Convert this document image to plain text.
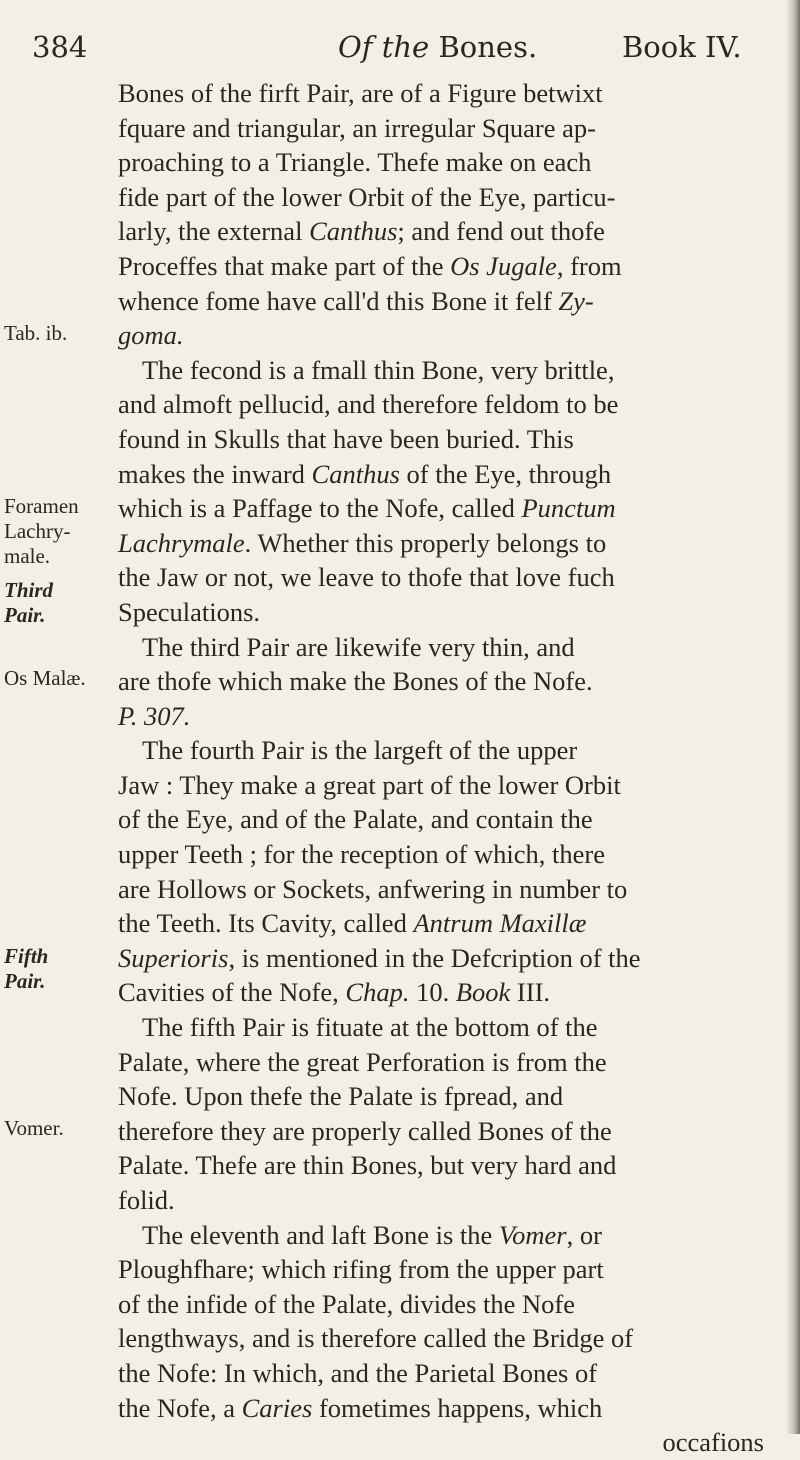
384	Of the Bones.	Book IV.
Tab. ib.
Foramen
Lachry-
male.
Third
Pair.
Os Malæ.
Fifth
Pair.
Vomer.
Bones of the firft Pair, are of a Figure betwixt
fquare and triangular, an irregular Square ap-
proaching to a Triangle. Thefe make on each
fide part of the lower Orbit of the Eye, particu-
larly, the external Canthus; and fend out thofe
Proceffes that make part of the Os Jugale, from
whence fome have call'd this Bone it felf Zy-
goma.
The fecond is a fmall thin Bone, very brittle,
and almoft pellucid, and therefore feldom to be
found in Skulls that have been buried. This
makes the inward Canthus of the Eye, through
which is a Paffage to the Nofe, called Punctum
Lachrymale. Whether this properly belongs to
the Jaw or not, we leave to thofe that love fuch
Speculations.
The third Pair are likewife very thin, and
are thofe which make the Bones of the Nofe.
P. 307.
The fourth Pair is the largeft of the upper
Jaw : They make a great part of the lower Orbit
of the Eye, and of the Palate, and contain the
upper Teeth ; for the reception of which, there
are Hollows or Sockets, anfwering in number to
the Teeth. Its Cavity, called Antrum Maxillæ
Superioris, is mentioned in the Defcription of the
Cavities of the Nofe, Chap. 10. Book III.
The fifth Pair is fituate at the bottom of the
Palate, where the great Perforation is from the
Nofe. Upon thefe the Palate is fpread, and
therefore they are properly called Bones of the
Palate. Thefe are thin Bones, but very hard and
folid.
The eleventh and laft Bone is the Vomer, or
Ploughfhare; which rifing from the upper part
of the infide of the Palate, divides the Nofe
lengthways, and is therefore called the Bridge of
the Nofe: In which, and the Parietal Bones of
the Nofe, a Caries fometimes happens, which
occafions
